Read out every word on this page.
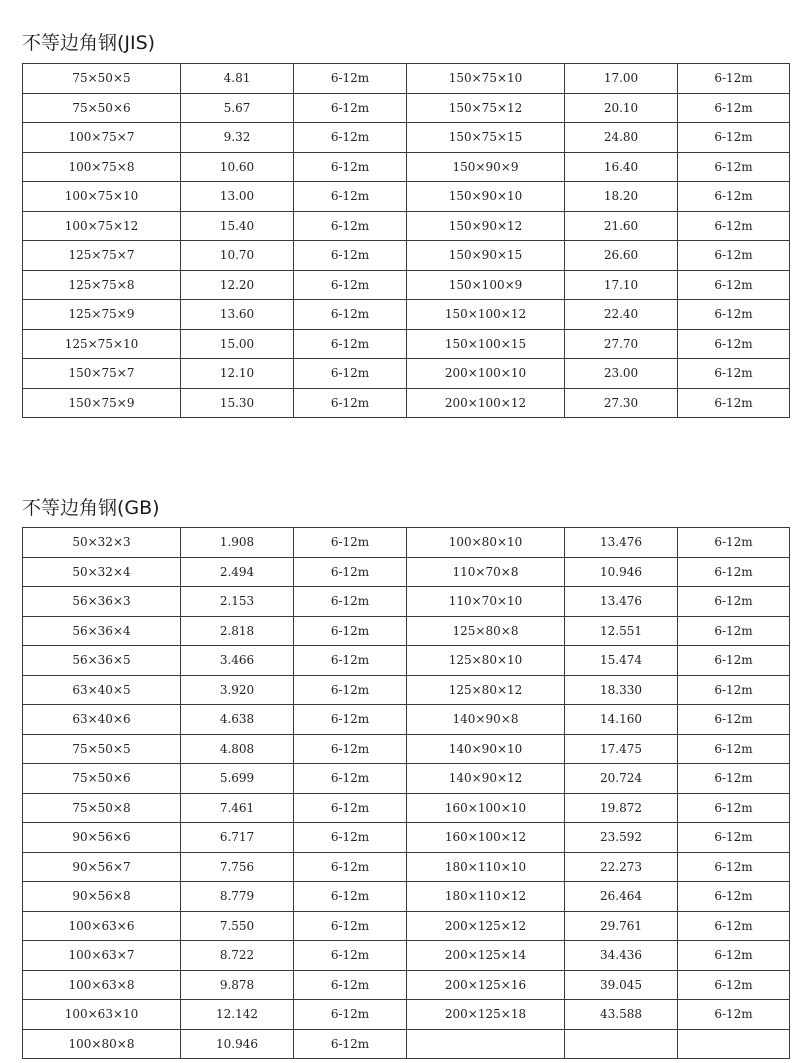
不等边角钢(JIS)
75×50×5	4.81	6-12m	150×75×10	17.00	6-12m
75×50×6	5.67	6-12m	150×75×12	20.10	6-12m
100×75×7	9.32	6-12m	150×75×15	24.80	6-12m
100×75×8	10.60	6-12m	150×90×9	16.40	6-12m
100×75×10	13.00	6-12m	150×90×10	18.20	6-12m
100×75×12	15.40	6-12m	150×90×12	21.60	6-12m
125×75×7	10.70	6-12m	150×90×15	26.60	6-12m
125×75×8	12.20	6-12m	150×100×9	17.10	6-12m
125×75×9	13.60	6-12m	150×100×12	22.40	6-12m
125×75×10	15.00	6-12m	150×100×15	27.70	6-12m
150×75×7	12.10	6-12m	200×100×10	23.00	6-12m
150×75×9	15.30	6-12m	200×100×12	27.30	6-12m
不等边角钢(GB)
50×32×3	1.908	6-12m	100×80×10	13.476	6-12m
50×32×4	2.494	6-12m	110×70×8	10.946	6-12m
56×36×3	2.153	6-12m	110×70×10	13.476	6-12m
56×36×4	2.818	6-12m	125×80×8	12.551	6-12m
56×36×5	3.466	6-12m	125×80×10	15.474	6-12m
63×40×5	3.920	6-12m	125×80×12	18.330	6-12m
63×40×6	4.638	6-12m	140×90×8	14.160	6-12m
75×50×5	4.808	6-12m	140×90×10	17.475	6-12m
75×50×6	5.699	6-12m	140×90×12	20.724	6-12m
75×50×8	7.461	6-12m	160×100×10	19.872	6-12m
90×56×6	6.717	6-12m	160×100×12	23.592	6-12m
90×56×7	7.756	6-12m	180×110×10	22.273	6-12m
90×56×8	8.779	6-12m	180×110×12	26.464	6-12m
100×63×6	7.550	6-12m	200×125×12	29.761	6-12m
100×63×7	8.722	6-12m	200×125×14	34.436	6-12m
100×63×8	9.878	6-12m	200×125×16	39.045	6-12m
100×63×10	12.142	6-12m	200×125×18	43.588	6-12m
100×80×8	10.946	6-12m			
